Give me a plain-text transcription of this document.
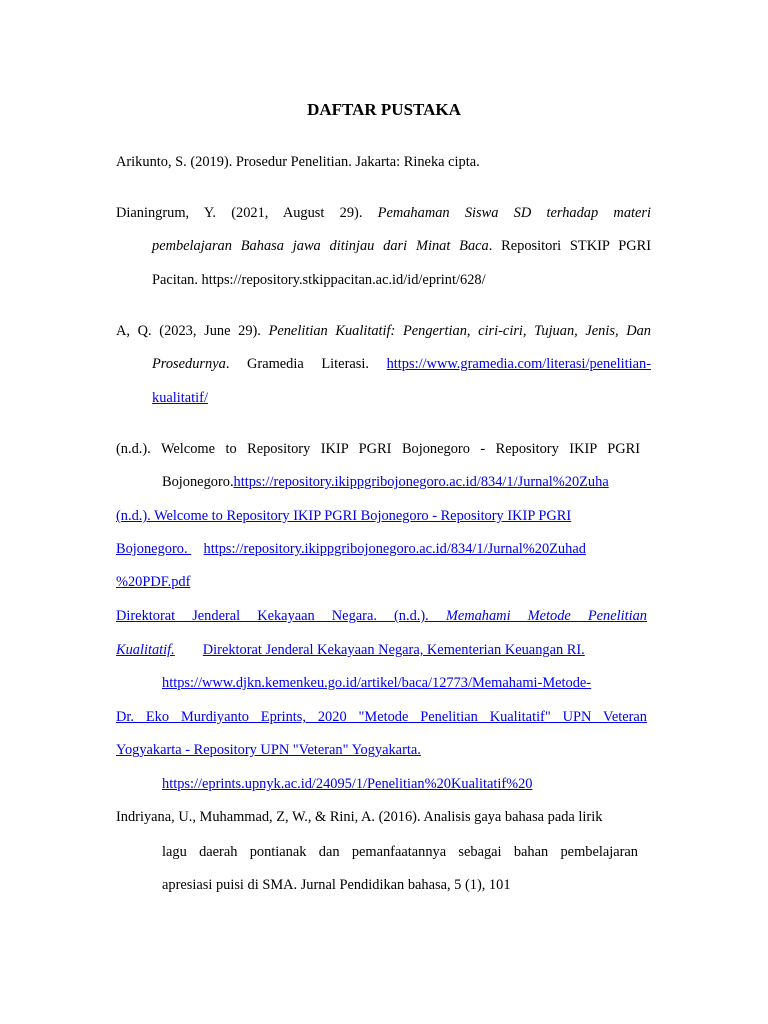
DAFTAR PUSTAKA
Arikunto, S. (2019). Prosedur Penelitian. Jakarta: Rineka cipta.
Dianingrum, Y. (2021, August 29). Pemahaman Siswa SD terhadap materi
pembelajaran Bahasa jawa ditinjau dari Minat Baca. Repositori STKIP PGRI
Pacitan. https://repository.stkippacitan.ac.id/id/eprint/628/
A, Q. (2023, June 29). Penelitian Kualitatif: Pengertian, ciri-ciri, Tujuan, Jenis, Dan
Prosedurnya. Gramedia Literasi. https://www.gramedia.com/literasi/penelitian-
kualitatif/
(n.d.). Welcome to Repository IKIP PGRI Bojonegoro - Repository IKIP PGRI
Bojonegoro.https://repository.ikippgribojonegoro.ac.id/834/1/Jurnal%20Zuha
(n.d.). Welcome to Repository IKIP PGRI Bojonegoro - Repository IKIP PGRI
Bojonegoro. https://repository.ikippgribojonegoro.ac.id/834/1/Jurnal%20Zuhad
%20PDF.pdf
Direktorat Jenderal Kekayaan Negara. (n.d.). Memahami Metode Penelitian
Kualitatif. Direktorat Jenderal Kekayaan Negara, Kementerian Keuangan RI.
https://www.djkn.kemenkeu.go.id/artikel/baca/12773/Memahami-Metode-
Dr. Eko Murdiyanto Eprints, 2020 "Metode Penelitian Kualitatif" UPN Veteran
Yogyakarta - Repository UPN "Veteran" Yogyakarta.
https://eprints.upnyk.ac.id/24095/1/Penelitian%20Kualitatif%20
Indriyana, U., Muhammad, Z, W., & Rini, A. (2016). Analisis gaya bahasa pada lirik
lagu daerah pontianak dan pemanfaatannya sebagai bahan pembelajaran
apresiasi puisi di SMA. Jurnal Pendidikan bahasa, 5 (1), 101
